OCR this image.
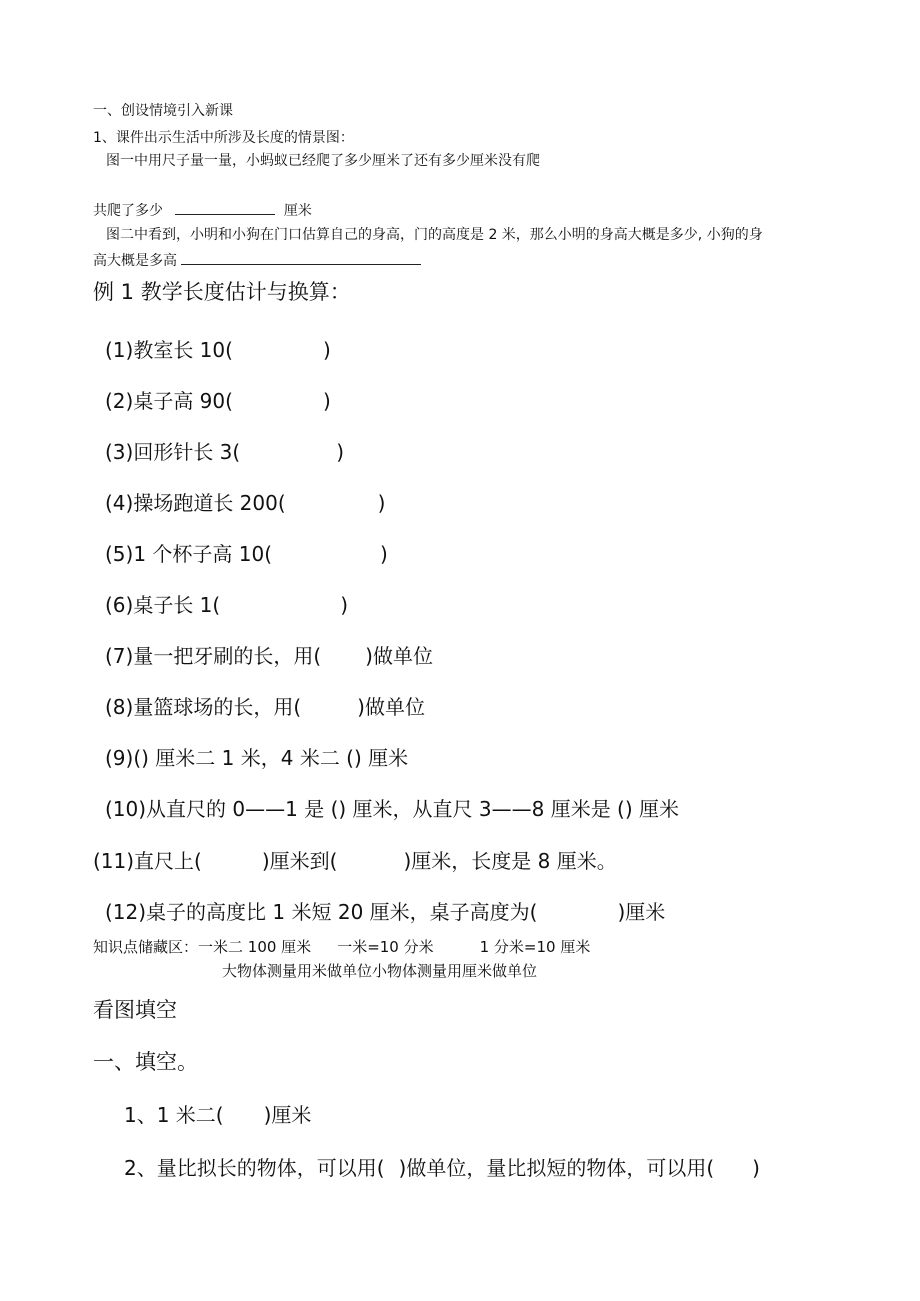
一、创设情境引入新课
1、课件出示生活中所涉及长度的情景图：
图一中用尺子量一量，小蚂蚁已经爬了多少厘米了还有多少厘米没有爬
共爬了多少	厘米
图二中看到，小明和小狗在门口估算自己的身高，门的高度是 2 米，那么小明的身高大概是多少, 小狗的身
高大概是多高
例 1 教学长度估计与换算：
(1)教室长 10(	)
(2)桌子高 90(	)
(3)回形针长 3(	)
(4)操场跑道长 200(	)
(5)1 个杯子高 10(	)
(6)桌子长 1(	)
(7)量一把牙刷的长，用( )做单位
(8)量篮球场的长，用(	)做单位
(9)() 厘米二 1 米，4 米二 () 厘米
(10)从直尺的 0——1 是 () 厘米，从直尺 3——8 厘米是 () 厘米
(11)直尺上(	)厘米到(	)厘米，长度是 8 厘米。
(12)桌子的高度比 1 米短 20 厘米，桌子高度为(	)厘米
知识点储藏区：一米二 100 厘米 一米=10 分米	1 分米=10 厘米
大物体测量用米做单位小物体测量用厘米做单位
看图填空
一、填空。
1、1 米二( )厘米
2、量比拟长的物体，可以用( )做单位，量比拟短的物体，可以用( )
